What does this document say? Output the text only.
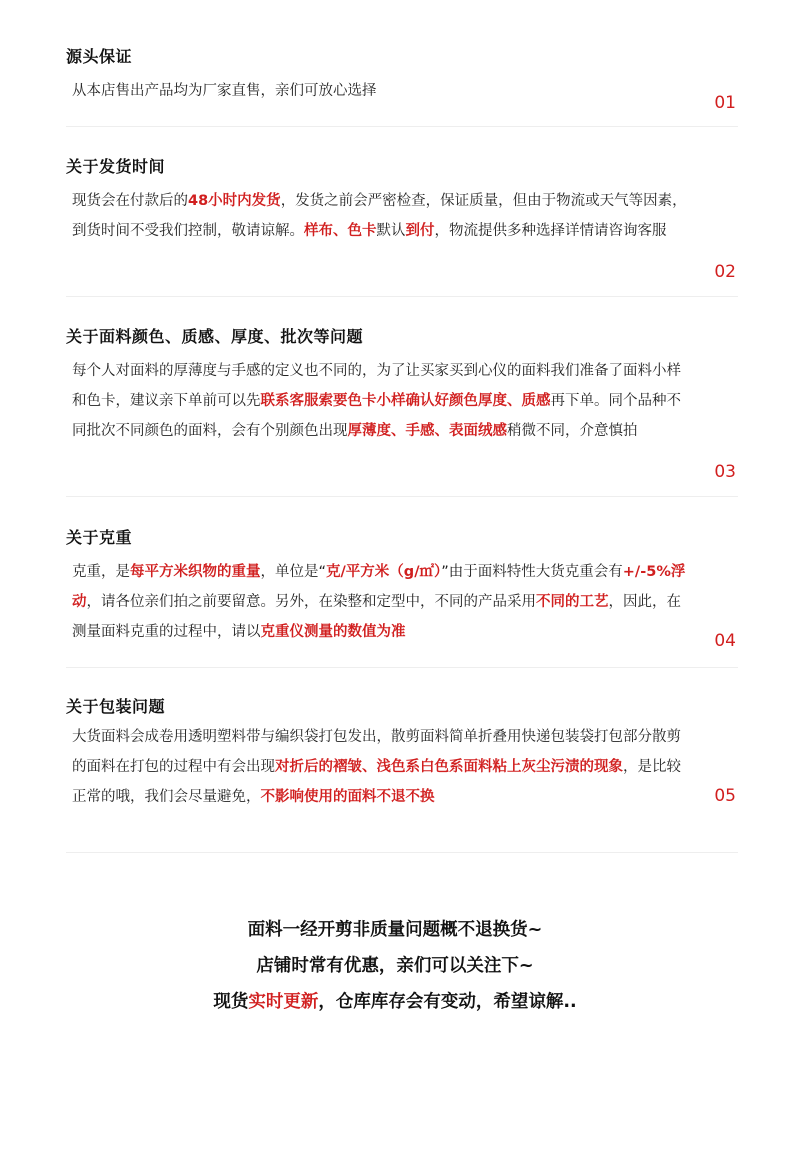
源头保证
从本店售出产品均为厂家直售，亲们可放心选择
01
关于发货时间
现货会在付款后的48小时内发货，发货之前会严密检查，保证质量，但由于物流或天气等因素，到货时间不受我们控制，敬请谅解。样布、色卡默认到付，物流提供多种选择详情请咨询客服
02
关于面料颜色、质感、厚度、批次等问题
每个人对面料的厚薄度与手感的定义也不同的，为了让买家买到心仪的面料我们准备了面料小样和色卡，建议亲下单前可以先联系客服索要色卡小样确认好颜色厚度、质感再下单。同个品种不同批次不同颜色的面料，会有个别颜色出现厚薄度、手感、表面绒感稍微不同，介意慎拍
03
关于克重
克重，是每平方米织物的重量，单位是“克/平方米（g/㎡）”由于面料特性大货克重会有+/-5%浮动，请各位亲们拍之前要留意。另外，在染整和定型中，不同的产品采用不同的工艺，因此，在测量面料克重的过程中，请以克重仪测量的数值为准	04
关于包装问题
大货面料会成卷用透明塑料带与编织袋打包发出，散剪面料简单折叠用快递包装袋打包部分散剪的面料在打包的过程中有会出现对折后的褶皱、浅色系白色系面料粘上灰尘污渍的现象，是比较正常的哦，我们会尽量避免，不影响使用的面料不退不换	05
面料一经开剪非质量问题概不退换货~
店铺时常有优惠，亲们可以关注下~
现货实时更新，仓库库存会有变动，希望谅解..
